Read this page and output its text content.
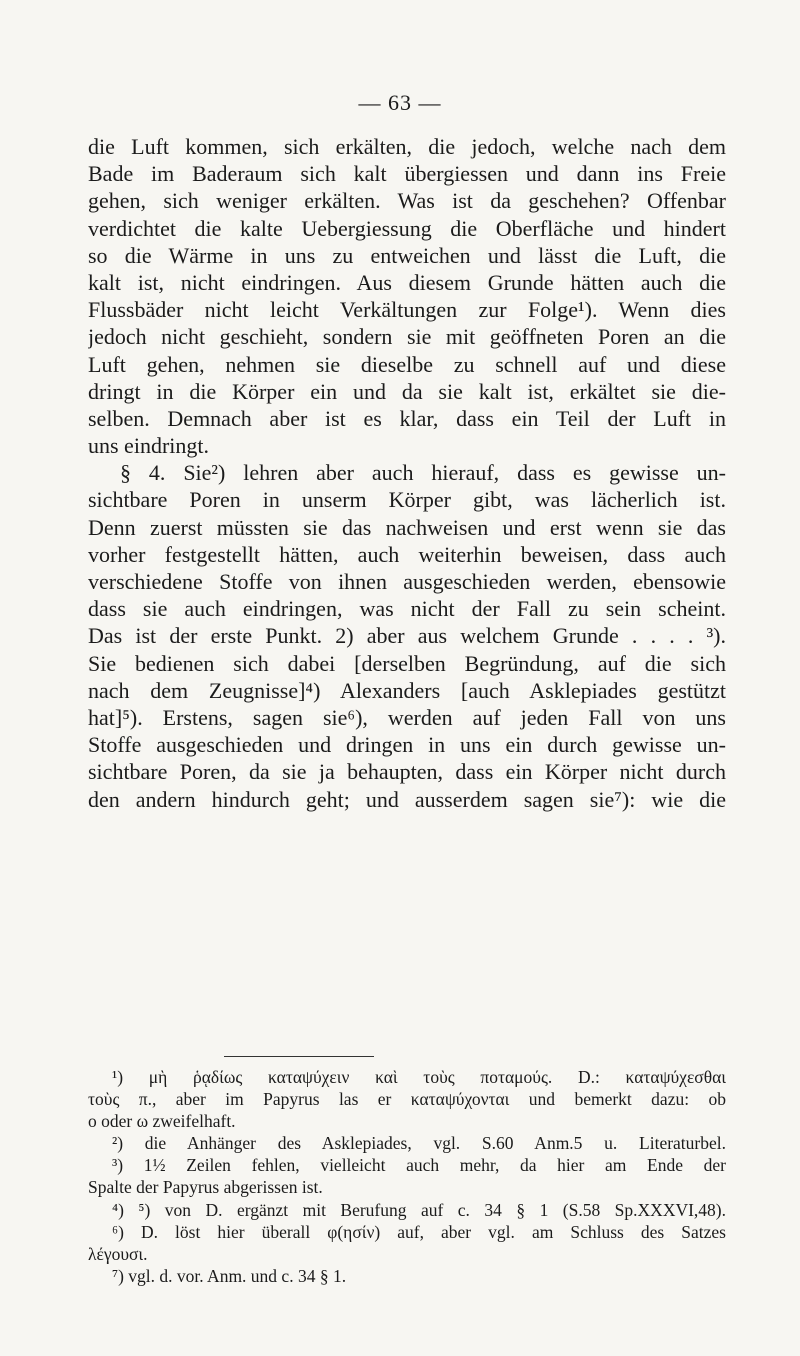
— 63 —
die Luft kommen, sich erkälten, die jedoch, welche nach dem
Bade im Baderaum sich kalt übergiessen und dann ins Freie
gehen, sich weniger erkälten. Was ist da geschehen? Offenbar
verdichtet die kalte Uebergiessung die Oberfläche und hindert
so die Wärme in uns zu entweichen und lässt die Luft, die
kalt ist, nicht eindringen. Aus diesem Grunde hätten auch die
Flussbäder nicht leicht Verkältungen zur Folge¹). Wenn dies
jedoch nicht geschieht, sondern sie mit geöffneten Poren an die
Luft gehen, nehmen sie dieselbe zu schnell auf und diese
dringt in die Körper ein und da sie kalt ist, erkältet sie die-
selben. Demnach aber ist es klar, dass ein Teil der Luft in
uns eindringt.
§ 4. Sie²) lehren aber auch hierauf, dass es gewisse un-
sichtbare Poren in unserm Körper gibt, was lächerlich ist.
Denn zuerst müssten sie das nachweisen und erst wenn sie das
vorher festgestellt hätten, auch weiterhin beweisen, dass auch
verschiedene Stoffe von ihnen ausgeschieden werden, ebensowie
dass sie auch eindringen, was nicht der Fall zu sein scheint.
Das ist der erste Punkt. 2) aber aus welchem Grunde . . . . ³).
Sie bedienen sich dabei [derselben Begründung, auf die sich
nach dem Zeugnisse]⁴) Alexanders [auch Asklepiades gestützt
hat]⁵). Erstens, sagen sie⁶), werden auf jeden Fall von uns
Stoffe ausgeschieden und dringen in uns ein durch gewisse un-
sichtbare Poren, da sie ja behaupten, dass ein Körper nicht durch
den andern hindurch geht; und ausserdem sagen sie⁷): wie die
¹) μὴ ῥᾳδίως καταψύχειν καὶ τοὺς ποταμούς. D.: καταψύχεσθαι
τοὺς π., aber im Papyrus las er καταψύχονται und bemerkt dazu: ob
ο oder ω zweifelhaft.
²) die Anhänger des Asklepiades, vgl. S.60 Anm.5 u. Literaturbel.
³) 1½ Zeilen fehlen, vielleicht auch mehr, da hier am Ende der
Spalte der Papyrus abgerissen ist.
⁴) ⁵) von D. ergänzt mit Berufung auf c. 34 § 1 (S.58 Sp.XXXVI,48).
⁶) D. löst hier überall φ(ησίν) auf, aber vgl. am Schluss des Satzes
λέγουσι.
⁷) vgl. d. vor. Anm. und c. 34 § 1.
